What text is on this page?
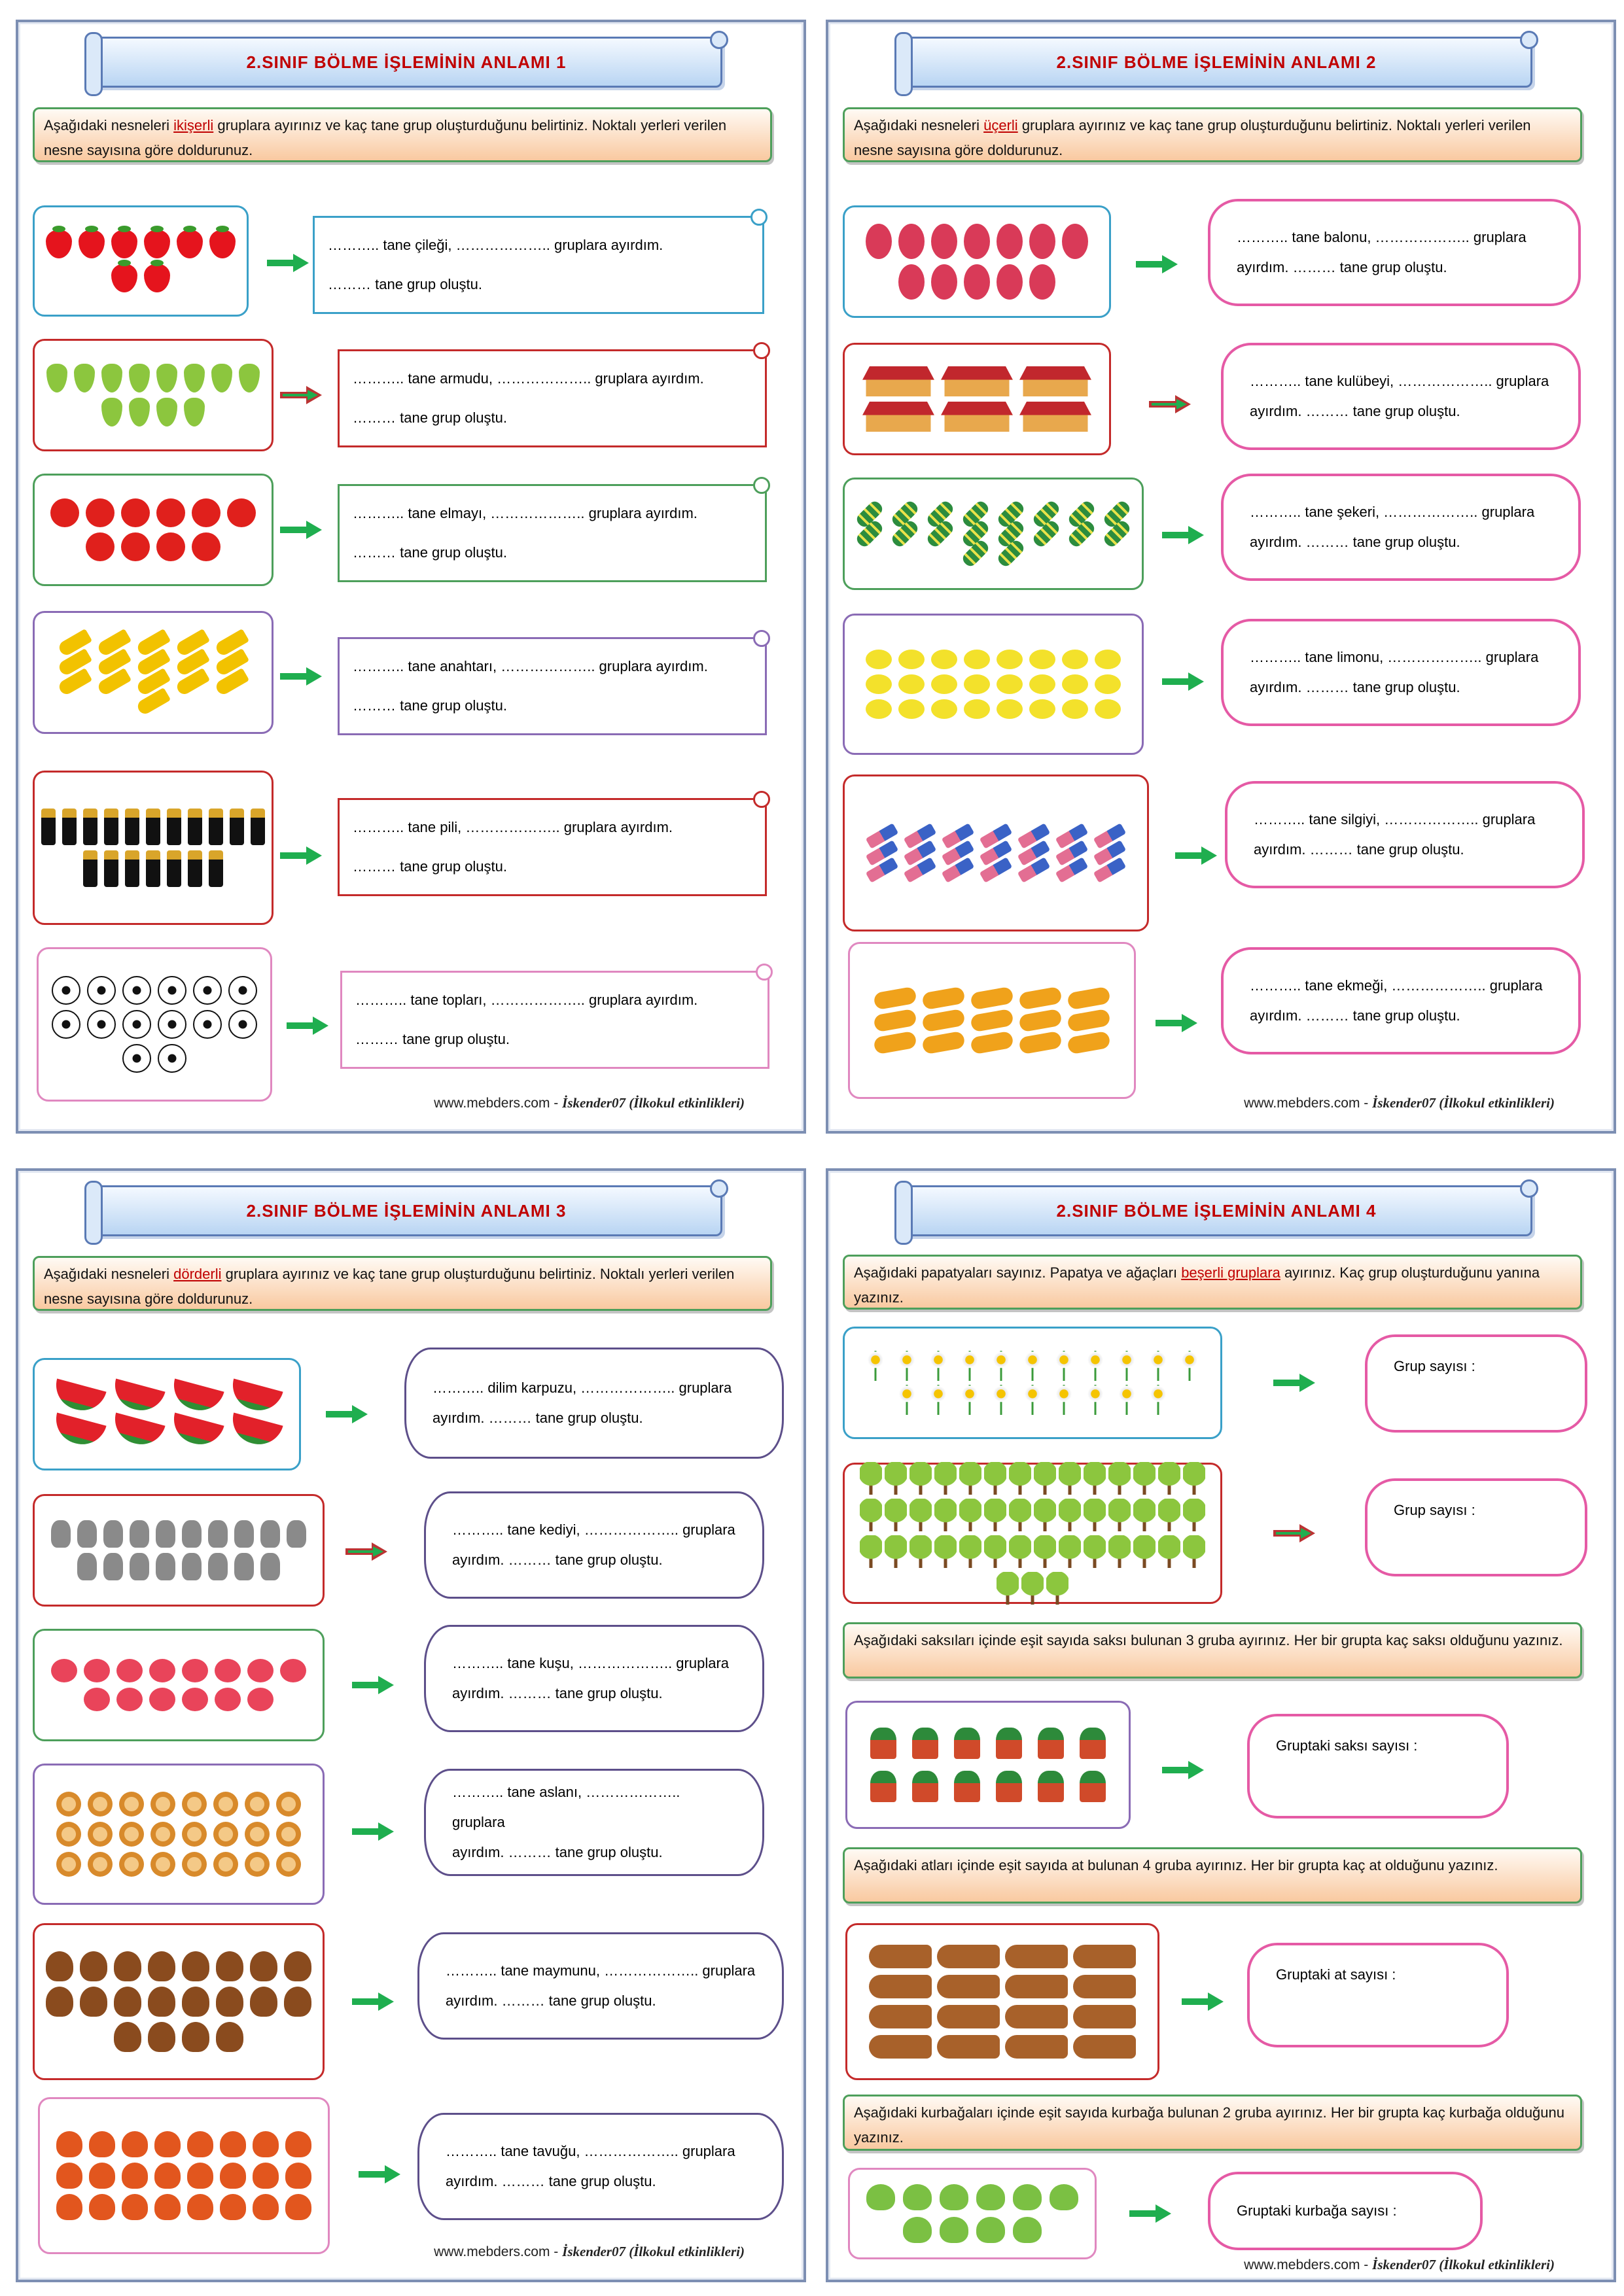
2.SINIF BÖLME İŞLEMİNİN ANLAMI 1
Aşağıdaki nesneleri ikişerli gruplara ayırınız ve kaç tane grup oluşturduğunu belirtiniz. Noktalı yerleri verilen nesne sayısına göre doldurunuz.
……….. tane çileği, ……………….. gruplara ayırdım.
……… tane grup oluştu.
……….. tane armudu, ……………….. gruplara ayırdım.
……… tane grup oluştu.
……….. tane elmayı, ……………….. gruplara ayırdım.
……… tane grup oluştu.
……….. tane anahtarı, ……………….. gruplara ayırdım.
……… tane grup oluştu.
……….. tane pili, ……………….. gruplara ayırdım.
……… tane grup oluştu.
……….. tane topları, ……………….. gruplara ayırdım.
……… tane grup oluştu.
www.mebders.com - İskender07 (İlkokul etkinlikleri)
2.SINIF BÖLME İŞLEMİNİN ANLAMI 2
Aşağıdaki nesneleri üçerli gruplara ayırınız ve kaç tane grup oluşturduğunu belirtiniz. Noktalı yerleri verilen nesne sayısına göre doldurunuz.
……….. tane balonu, ……………….. gruplara
ayırdım. ……… tane grup oluştu.
……….. tane kulübeyi, ……………….. gruplara
ayırdım. ……… tane grup oluştu.
……….. tane şekeri, ……………….. gruplara
ayırdım. ……… tane grup oluştu.
……….. tane limonu, ……………….. gruplara
ayırdım. ……… tane grup oluştu.
……….. tane silgiyi, ……………….. gruplara
ayırdım. ……… tane grup oluştu.
……….. tane ekmeği, ……………….. gruplara
ayırdım. ……… tane grup oluştu.
www.mebders.com - İskender07 (İlkokul etkinlikleri)
2.SINIF BÖLME İŞLEMİNİN ANLAMI 3
Aşağıdaki nesneleri dörderli gruplara ayırınız ve kaç tane grup oluşturduğunu belirtiniz. Noktalı yerleri verilen nesne sayısına göre doldurunuz.
……….. dilim karpuzu, ……………….. gruplara
ayırdım. ……… tane grup oluştu.
……….. tane kediyi, ……………….. gruplara
ayırdım. ……… tane grup oluştu.
……….. tane kuşu, ……………….. gruplara
ayırdım. ……… tane grup oluştu.
……….. tane aslanı, ……………….. gruplara
ayırdım. ……… tane grup oluştu.
……….. tane maymunu, ……………….. gruplara
ayırdım. ……… tane grup oluştu.
……….. tane tavuğu, ……………….. gruplara
ayırdım. ……… tane grup oluştu.
www.mebders.com - İskender07 (İlkokul etkinlikleri)
2.SINIF BÖLME İŞLEMİNİN ANLAMI 4
Aşağıdaki papatyaları sayınız. Papatya ve ağaçları beşerli gruplara ayırınız. Kaç grup oluşturduğunu yanına yazınız.
Grup sayısı :
Grup sayısı :
Aşağıdaki saksıları içinde eşit sayıda saksı bulunan 3 gruba ayırınız. Her bir grupta kaç saksı olduğunu yazınız.
Gruptaki saksı sayısı :
Aşağıdaki atları içinde eşit sayıda at bulunan 4 gruba ayırınız. Her bir grupta kaç at olduğunu yazınız.
Gruptaki at sayısı :
Aşağıdaki kurbağaları içinde eşit sayıda kurbağa bulunan 2 gruba ayırınız. Her bir grupta kaç kurbağa olduğunu yazınız.
Gruptaki kurbağa sayısı :
www.mebders.com - İskender07 (İlkokul etkinlikleri)
